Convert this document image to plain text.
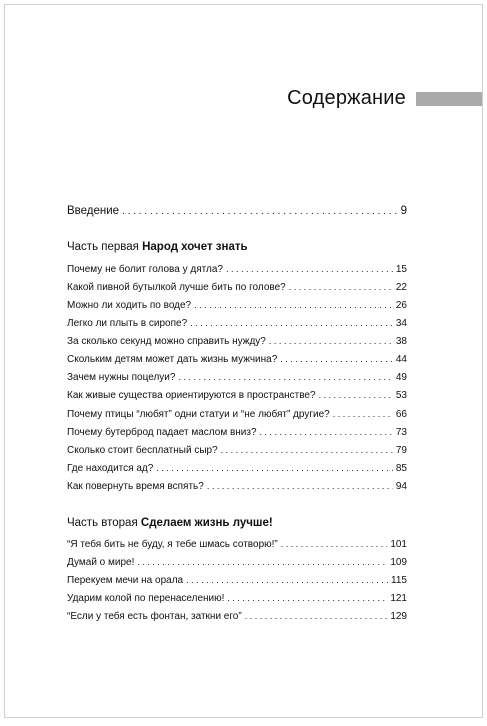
Содержание
Введение . . .	9
Часть первая Народ хочет знать
Почему не болит голова у дятла? . . .	15
Какой пивной бутылкой лучше бить по голове? . . .	22
Можно ли ходить по воде? . . .	26
Легко ли плыть в сиропе? . . .	34
За сколько секунд можно справить нужду? . . .	38
Скольким детям может дать жизнь мужчина? . . .	44
Зачем нужны поцелуи? . . .	49
Как живые существа ориентируются в пространстве? . . .	53
Почему птицы “любят” одни статуи и “не любят” другие? . . .	66
Почему бутерброд падает маслом вниз? . . .	73
Сколько стоит бесплатный сыр? . . .	79
Где находится ад? . . .	85
Как повернуть время вспять? . . .	94
Часть вторая Сделаем жизнь лучше!
“Я тебя бить не буду, я тебе шмась сотворю!” . . .	101
Думай о мире! . . .	109
Перекуем мечи на орала . . .	115
Ударим колой по перенаселению! . . .	121
“Если у тебя есть фонтан, заткни его” . . .	129
